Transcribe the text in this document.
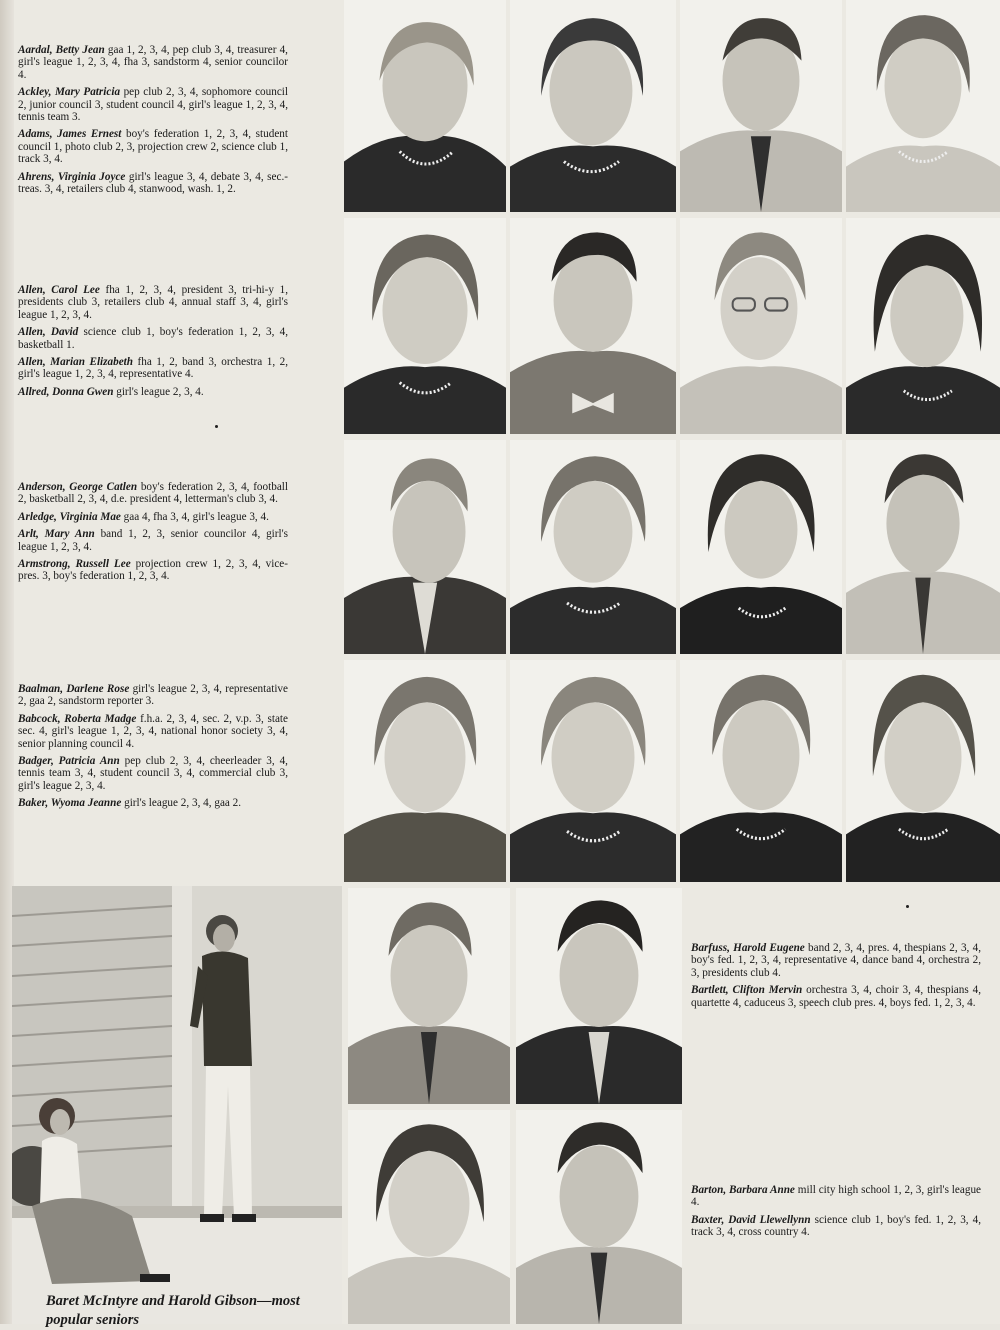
Aardal, Betty Jean gaa 1, 2, 3, 4, pep club 3, 4, treasurer 4, girl's league 1, 2, 3, 4, fha 3, sandstorm 4, senior councilor 4.

Ackley, Mary Patricia pep club 2, 3, 4, sophomore council 2, junior council 3, student council 4, girl's league 1, 2, 3, 4, tennis team 3.

Adams, James Ernest boy's federation 1, 2, 3, 4, student council 1, photo club 2, 3, projection crew 2, science club 1, track 3, 4.

Ahrens, Virginia Joyce girl's league 3, 4, debate 3, 4, sec.-treas. 3, 4, retailers club 4, stanwood, wash. 1, 2.

Allen, Carol Lee fha 1, 2, 3, 4, president 3, tri-hi-y 1, presidents club 3, retailers club 4, annual staff 3, 4, girl's league 1, 2, 3, 4.

Allen, David science club 1, boy's federation 1, 2, 3, 4, basketball 1.

Allen, Marian Elizabeth fha 1, 2, band 3, orchestra 1, 2, girl's league 1, 2, 3, 4, representative 4.

Allred, Donna Gwen girl's league 2, 3, 4.

Anderson, George Catlen boy's federation 2, 3, 4, football 2, basketball 2, 3, 4, d.e. president 4, letterman's club 3, 4.

Arledge, Virginia Mae gaa 4, fha 3, 4, girl's league 3, 4.

Arlt, Mary Ann band 1, 2, 3, senior councilor 4, girl's league 1, 2, 3, 4.

Armstrong, Russell Lee projection crew 1, 2, 3, 4, vice-pres. 3, boy's federation 1, 2, 3, 4.

Baalman, Darlene Rose girl's league 2, 3, 4, representative 2, gaa 2, sandstorm reporter 3.

Babcock, Roberta Madge f.h.a. 2, 3, 4, sec. 2, v.p. 3, state sec. 4, girl's league 1, 2, 3, 4, national honor society 3, 4, senior planning council 4.

Badger, Patricia Ann pep club 2, 3, 4, cheerleader 3, 4, tennis team 3, 4, student council 3, 4, commercial club 3, girl's league 2, 3, 4.

Baker, Wyoma Jeanne girl's league 2, 3, 4, gaa 2.

Barfuss, Harold Eugene band 2, 3, 4, pres. 4, thespians 2, 3, 4, boy's fed. 1, 2, 3, 4, representative 4, dance band 4, orchestra 2, 3, presidents club 4.

Bartlett, Clifton Mervin orchestra 3, 4, choir 3, 4, thespians 4, quartette 4, caduceus 3, speech club pres. 4, boys fed. 1, 2, 3, 4.

Barton, Barbara Anne mill city high school 1, 2, 3, girl's league 4.

Baxter, David Llewellynn science club 1, boy's fed. 1, 2, 3, 4, track 3, 4, cross country 4.

Baret McIntyre and Harold Gibson—most popular seniors
